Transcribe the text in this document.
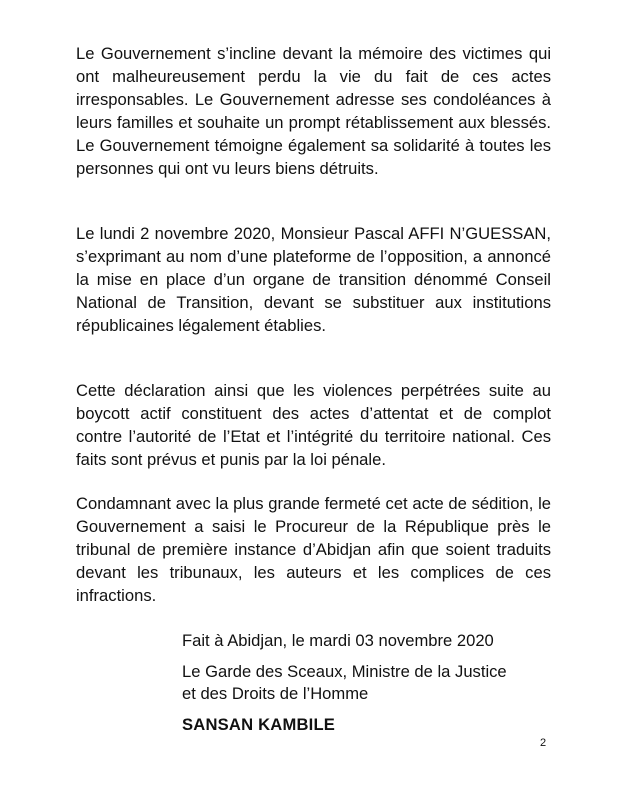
Le Gouvernement s’incline devant la mémoire des victimes qui ont malheureusement perdu la vie du fait de ces actes irresponsables. Le Gouvernement adresse ses condoléances à leurs familles et souhaite un prompt rétablissement aux blessés. Le Gouvernement témoigne également sa solidarité à toutes les personnes qui ont vu leurs biens détruits.

Le lundi 2 novembre 2020, Monsieur Pascal AFFI N’GUESSAN, s’exprimant au nom d’une plateforme de l’opposition, a annoncé la mise en place d’un organe de transition dénommé Conseil National de Transition, devant se substituer aux institutions républicaines légalement établies.

Cette déclaration ainsi que les violences perpétrées suite au boycott actif constituent des actes d’attentat et de complot contre l’autorité de l’Etat et l’intégrité du territoire national. Ces faits sont prévus et punis par la loi pénale.

Condamnant avec la plus grande fermeté cet acte de sédition, le Gouvernement a saisi le Procureur de la République près le tribunal de première instance d’Abidjan afin que soient traduits devant les tribunaux, les auteurs et les complices de ces infractions.

Fait à Abidjan, le mardi 03 novembre 2020

Le Garde des Sceaux, Ministre de la Justice
et des Droits de l’Homme

SANSAN KAMBILE

2
